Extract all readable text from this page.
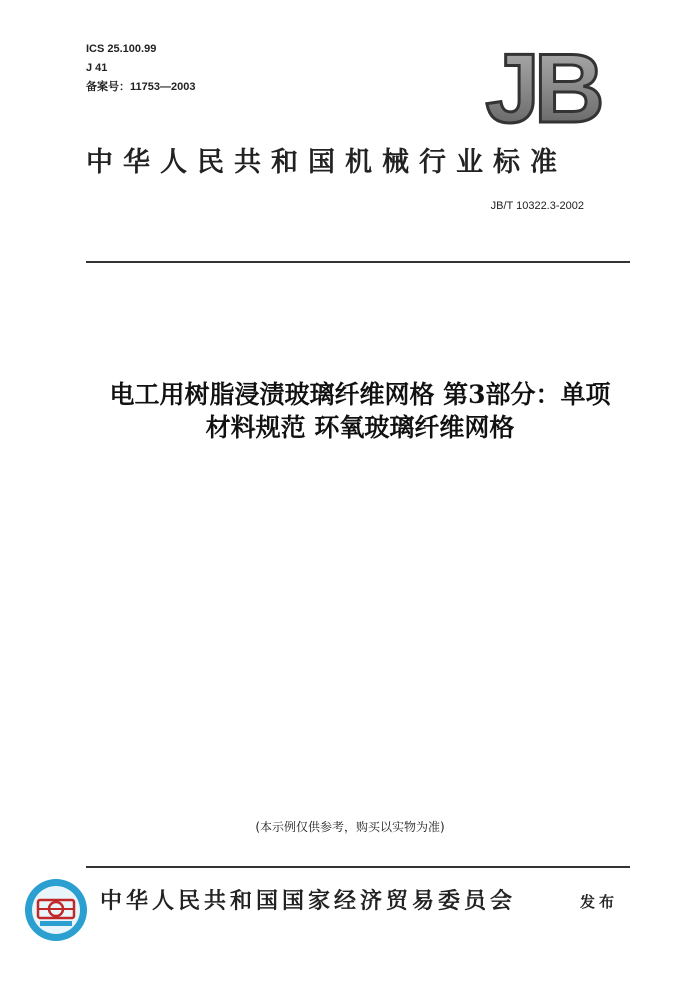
ICS 25.100.99
J 41
备案号：11753—2003	JB
中华人民共和国机械行业标准
JB/T 10322.3-2002
电工用树脂浸渍玻璃纤维网格 第3部分：单项
材料规范 环氧玻璃纤维网格
(本示例仅供参考，购买以实物为准)
中华人民共和国国家经济贸易委员会	发布
